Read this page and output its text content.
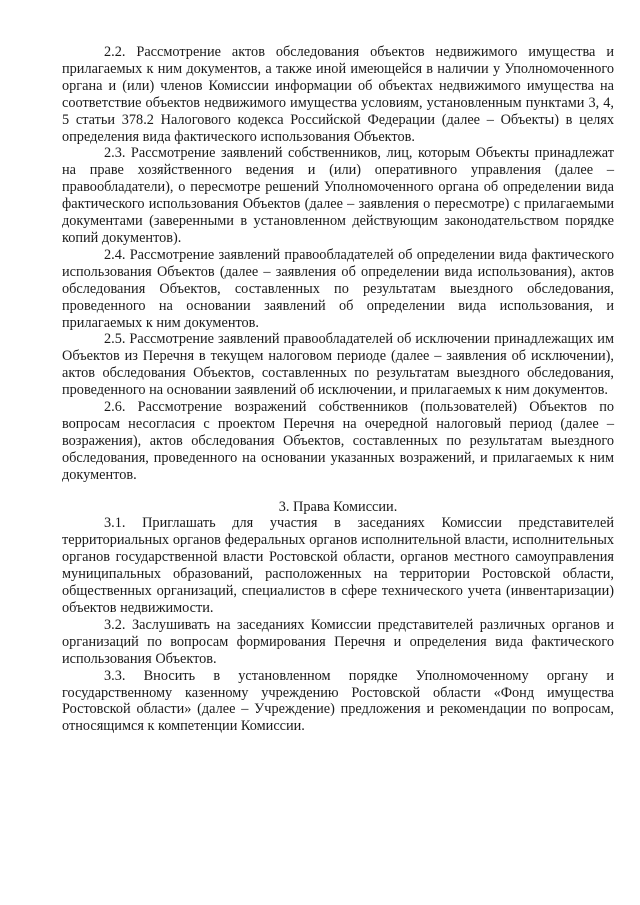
2.2. Рассмотрение актов обследования объектов недвижимого имущества и прилагаемых к ним документов, а также иной имеющейся в наличии у Уполномоченного органа и (или) членов Комиссии информации об объектах недвижимого имущества на соответствие объектов недвижимого имущества условиям, установленным пунктами 3, 4, 5 статьи 378.2 Налогового кодекса Российской Федерации (далее – Объекты) в целях определения вида фактического использования Объектов.

2.3. Рассмотрение заявлений собственников, лиц, которым Объекты принадлежат на праве хозяйственного ведения и (или) оперативного управления (далее – правообладатели), о пересмотре решений Уполномоченного органа об определении вида фактического использования Объектов (далее – заявления о пересмотре) с прилагаемыми документами (заверенными в установленном действующим законодательством порядке копий документов).

2.4. Рассмотрение заявлений правообладателей об определении вида фактического использования Объектов (далее – заявления об определении вида использования), актов обследования Объектов, составленных по результатам выездного обследования, проведенного на основании заявлений об определении вида использования, и прилагаемых к ним документов.

2.5. Рассмотрение заявлений правообладателей об исключении принадлежащих им Объектов из Перечня в текущем налоговом периоде (далее – заявления об исключении), актов обследования Объектов, составленных по результатам выездного обследования, проведенного на основании заявлений об исключении, и прилагаемых к ним документов.

2.6. Рассмотрение возражений собственников (пользователей) Объектов по вопросам несогласия с проектом Перечня на очередной налоговый период (далее – возражения), актов обследования Объектов, составленных по результатам выездного обследования, проведенного на основании указанных возражений, и прилагаемых к ним документов.

3. Права Комиссии.

3.1. Приглашать для участия в заседаниях Комиссии представителей территориальных органов федеральных органов исполнительной власти, исполнительных органов государственной власти Ростовской области, органов местного самоуправления муниципальных образований, расположенных на территории Ростовской области, общественных организаций, специалистов в сфере технического учета (инвентаризации) объектов недвижимости.

3.2. Заслушивать на заседаниях Комиссии представителей различных органов и организаций по вопросам формирования Перечня и определения вида фактического использования Объектов.

3.3. Вносить в установленном порядке Уполномоченному органу и государственному казенному учреждению Ростовской области «Фонд имущества Ростовской области» (далее – Учреждение) предложения и рекомендации по вопросам, относящимся к компетенции Комиссии.
